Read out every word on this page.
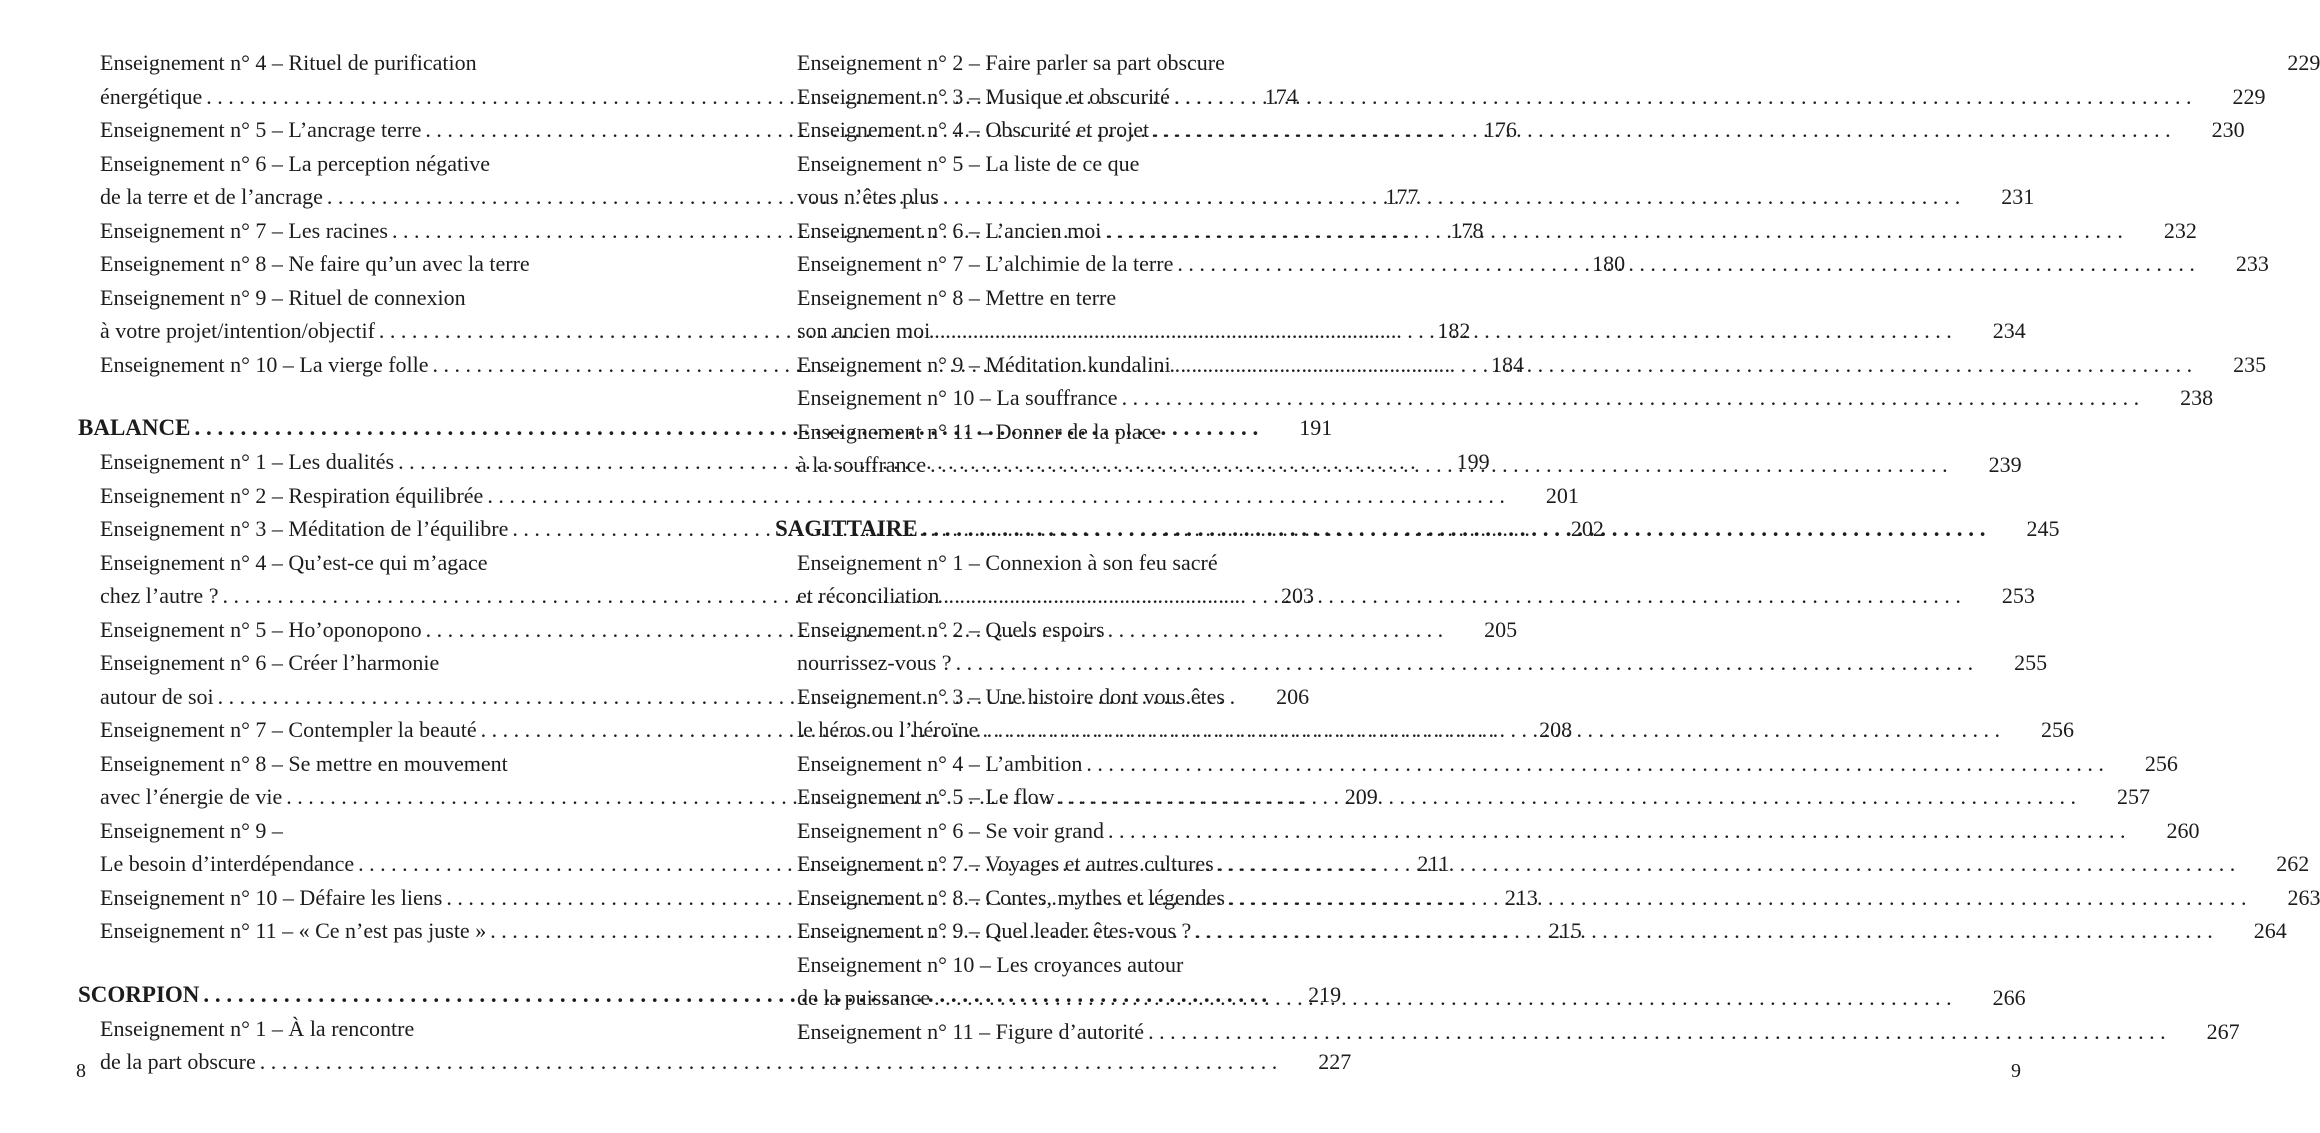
Enseignement n° 4 – Rituel de purification
énergétique . . .	174
Enseignement n° 5 – L’ancrage terre . . .	176
Enseignement n° 6 – La perception négative
de la terre et de l’ancrage . . .	177
Enseignement n° 7 – Les racines . . .	178
Enseignement n° 8 – Ne faire qu’un avec la terre	180
Enseignement n° 9 – Rituel de connexion
à votre projet/intention/objectif . . .	182
Enseignement n° 10 – La vierge folle . . .	184
BALANCE . . .	191
Enseignement n° 1 – Les dualités . . .	199
Enseignement n° 2 – Respiration équilibrée . . .	201
Enseignement n° 3 – Méditation de l’équilibre . . .	202
Enseignement n° 4 – Qu’est-ce qui m’agace
chez l’autre ? . . .	203
Enseignement n° 5 – Ho’oponopono . . .	205
Enseignement n° 6 – Créer l’harmonie
autour de soi . . .	206
Enseignement n° 7 – Contempler la beauté . . .	208
Enseignement n° 8 – Se mettre en mouvement
avec l’énergie de vie . . .	209
Enseignement n° 9 –
Le besoin d’interdépendance . . .	211
Enseignement n° 10 – Défaire les liens . . .	213
Enseignement n° 11 – « Ce n’est pas juste » . . .	215
SCORPION . . .	219
Enseignement n° 1 – À la rencontre
de la part obscure . . .	227
8
Enseignement n° 2 – Faire parler sa part obscure	229
Enseignement n° 3 – Musique et obscurité . . .	229
Enseignement n° 4 – Obscurité et projet . . .	230
Enseignement n° 5 – La liste de ce que
vous n’êtes plus . . .	231
Enseignement n° 6 – L’ancien moi . . .	232
Enseignement n° 7 – L’alchimie de la terre . . .	233
Enseignement n° 8 – Mettre en terre
son ancien moi . . .	234
Enseignement n° 9 – Méditation kundalini . . .	235
Enseignement n° 10 – La souffrance . . .	238
Enseignement n° 11 – Donner de la place
à la souffrance . . .	239
SAGITTAIRE . . .	245
Enseignement n° 1 – Connexion à son feu sacré
et réconciliation . . .	253
Enseignement n° 2 – Quels espoirs
nourrissez-vous ? . . .	255
Enseignement n° 3 – Une histoire dont vous êtes
le héros ou l’héroïne . . .	256
Enseignement n° 4 – L’ambition . . .	256
Enseignement n° 5 – Le flow . . .	257
Enseignement n° 6 – Se voir grand . . .	260
Enseignement n° 7 – Voyages et autres cultures . . .	262
Enseignement n° 8 – Contes, mythes et légendes . . .	263
Enseignement n° 9 – Quel leader êtes-vous ? . . .	264
Enseignement n° 10 – Les croyances autour
de la puissance . . .	266
Enseignement n° 11 – Figure d’autorité . . .	267
9
